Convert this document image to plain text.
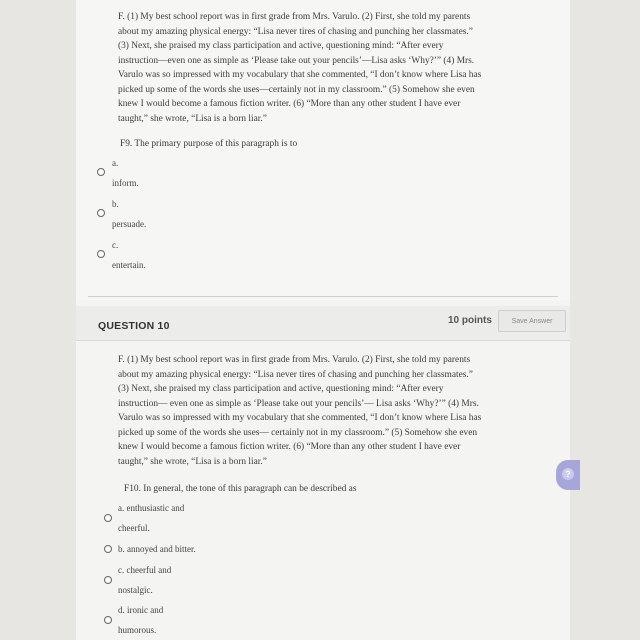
F. (1) My best school report was in first grade from Mrs. Varulo. (2) First, she told my parents
about my amazing physical energy: “Lisa never tires of chasing and punching her classmates.”
(3) Next, she praised my class participation and active, questioning mind: “After every
instruction—even one as simple as ‘Please take out your pencils’—Lisa asks ‘Why?’” (4) Mrs.
Varulo was so impressed with my vocabulary that she commented, “I don’t know where Lisa has
picked up some of the words she uses—certainly not in my classroom.” (5) Somehow she even
knew I would become a famous fiction writer. (6) “More than any other student I have ever
taught,” she wrote, “Lisa is a born liar.”
F9. The primary purpose of this paragraph is to
a.
inform.
b.
persuade.
c.
entertain.
QUESTION 10	10 points	Save Answer
F. (1) My best school report was in first grade from Mrs. Varulo. (2) First, she told my parents
about my amazing physical energy: “Lisa never tires of chasing and punching her classmates.”
(3) Next, she praised my class participation and active, questioning mind: “After every
instruction— even one as simple as ‘Please take out your pencils’— Lisa asks ‘Why?’” (4) Mrs.
Varulo was so impressed with my vocabulary that she commented, “I don’t know where Lisa has
picked up some of the words she uses— certainly not in my classroom.” (5) Somehow she even
knew I would become a famous fiction writer. (6) “More than any other student I have ever
taught,” she wrote, “Lisa is a born liar.”
F10. In general, the tone of this paragraph can be described as
a. enthusiastic and
cheerful.
b. annoyed and bitter.
c. cheerful and
nostalgic.
d. ironic and
humorous.
?
